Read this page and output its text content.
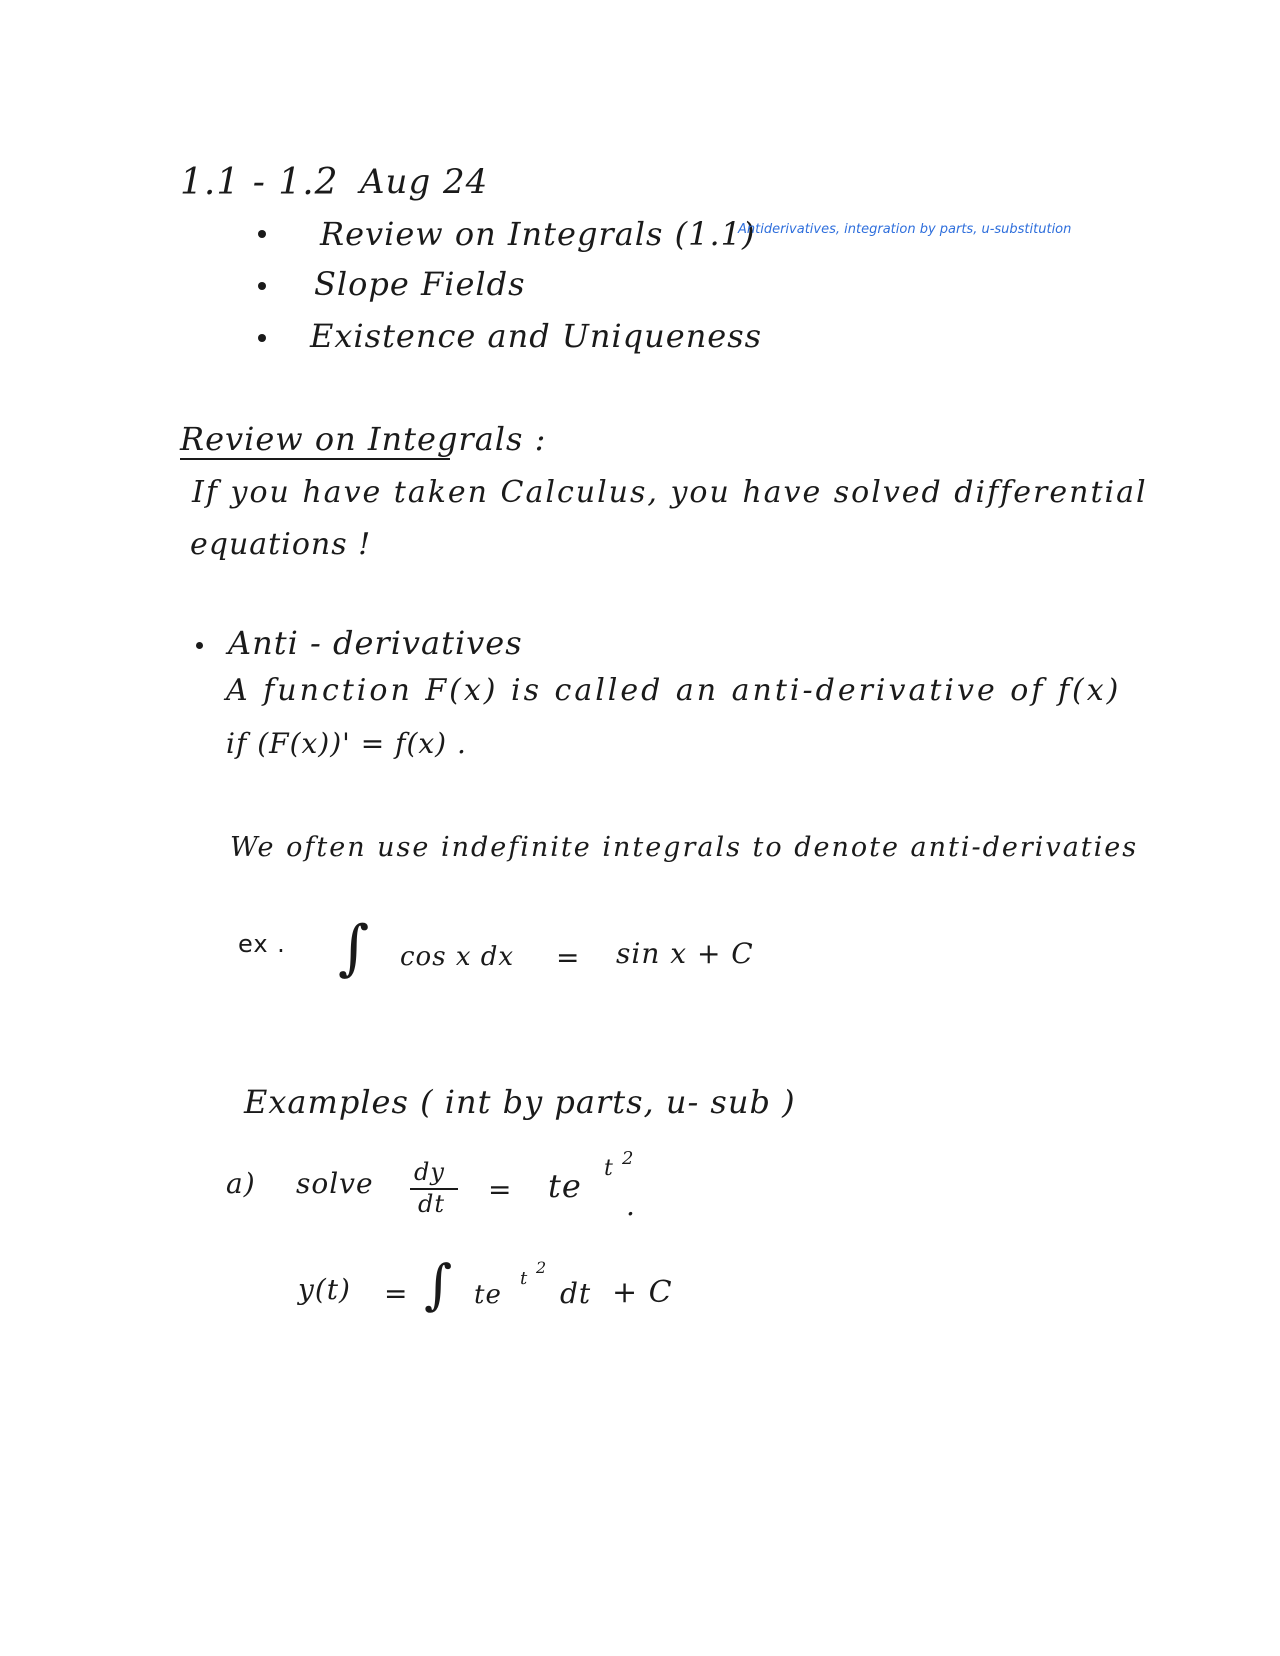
1.1 - 1.2 Aug 24
Review on Integrals (1.1)
Antiderivatives, integration by parts, u-substitution
Slope Fields
Existence and Uniqueness
Review on Integrals :
If you have taken Calculus, you have solved differential
equations !
Anti - derivatives
A function F(x) is called an anti-derivative of f(x)
if (F(x))' = f(x) .
We often use indefinite integrals to denote anti-derivaties
ex . ∫ cos x dx = sin x + C
Examples ( int by parts, u- sub )
a) solve dy
dt = te t 2
.
y(t) = ∫ te
t
2
dt + C
